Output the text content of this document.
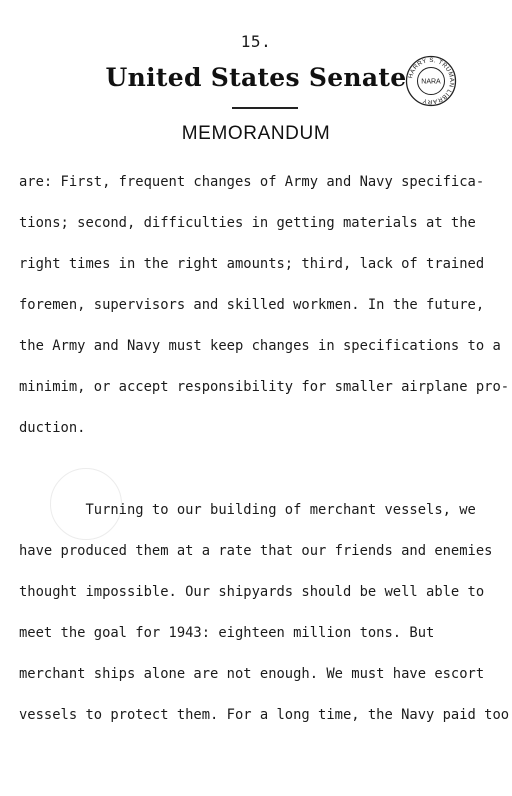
15.
United States Senate
MEMORANDUM
HARRY S. TRUMAN LIBRARY
NARA
are: First, frequent changes of Army and Navy specifica-
tions; second, difficulties in getting materials at the
right times in the right amounts; third, lack of trained
foremen, supervisors and skilled workmen. In the future,
the Army and Navy must keep changes in specifications to a
minimim, or accept responsibility for smaller airplane pro-
duction.
Turning to our building of merchant vessels, we
have produced them at a rate that our friends and enemies
thought impossible. Our shipyards should be well able to
meet the goal for 1943: eighteen million tons. But
merchant ships alone are not enough. We must have escort
vessels to protect them. For a long time, the Navy paid too
